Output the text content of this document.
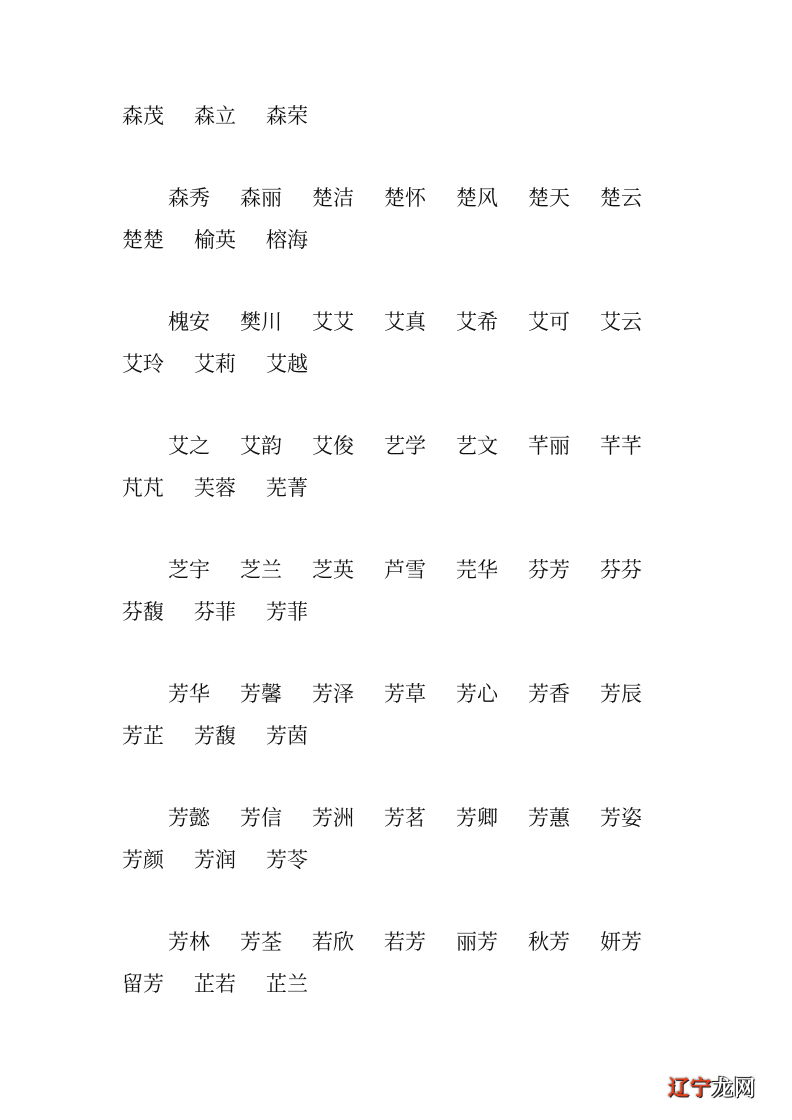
森茂 森立 森荣
森秀 森丽 楚洁 楚怀 楚风 楚天 楚云
楚楚 榆英 榕海
槐安 樊川 艾艾 艾真 艾希 艾可 艾云
艾玲 艾莉 艾越
艾之 艾韵 艾俊 艺学 艺文 芊丽 芊芊
芃芃 芙蓉 芜菁
芝宇 芝兰 芝英 芦雪 芫华 芬芳 芬芬
芬馥 芬菲 芳菲
芳华 芳馨 芳泽 芳草 芳心 芳香 芳辰
芳芷 芳馥 芳茵
芳懿 芳信 芳洲 芳茗 芳卿 芳蕙 芳姿
芳颜 芳润 芳苓
芳林 芳荃 若欣 若芳 丽芳 秋芳 妍芳
留芳 芷若 芷兰
辽宁龙网
